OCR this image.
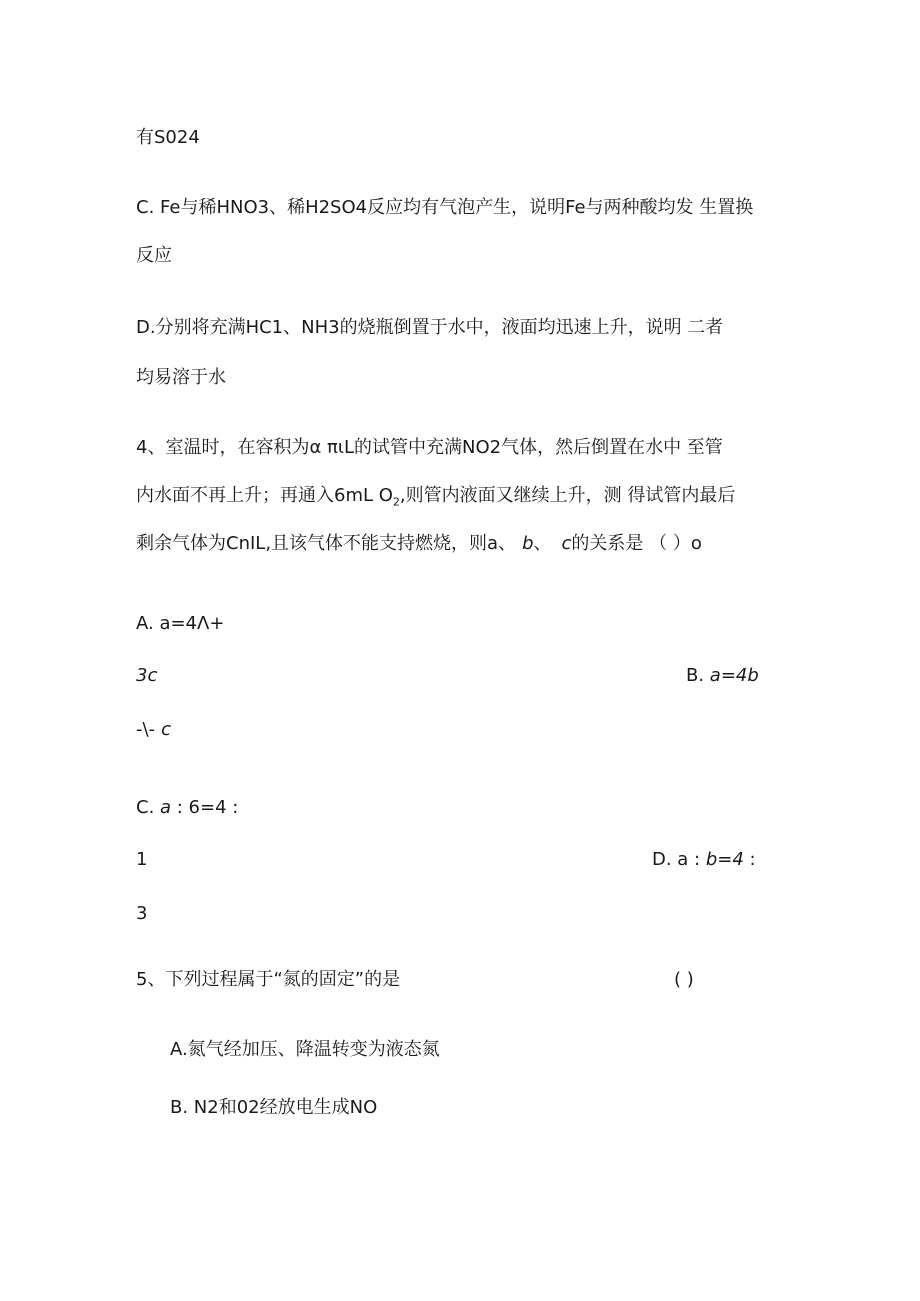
有S024
C. Fe与稀HNO3、稀H2SO4反应均有气泡产生，说明Fe与两种酸均发 生置换
反应
D.分别将充满HC1、NH3的烧瓶倒置于水中，液面均迅速上升，说明 二者
均易溶于水
4、室温时，在容积为α πιL的试管中充满NO2气体，然后倒置在水中 至管
内水面不再上升；再通入6mL $O_2$,则管内液面又继续上升，测 得试管内最后
剩余气体为CnIL,且该气体不能支持燃烧，则a、 b、 c的关系是 （ ）o
A. a=4Λ+
3c	B. a=4b
-\- c
C. a : 6=4 :
1	D. a : b=4 :
3
5、下列过程属于“氮的固定”的是	( )
A.氮气经加压、降温转变为液态氮
B. N2和02经放电生成NO
